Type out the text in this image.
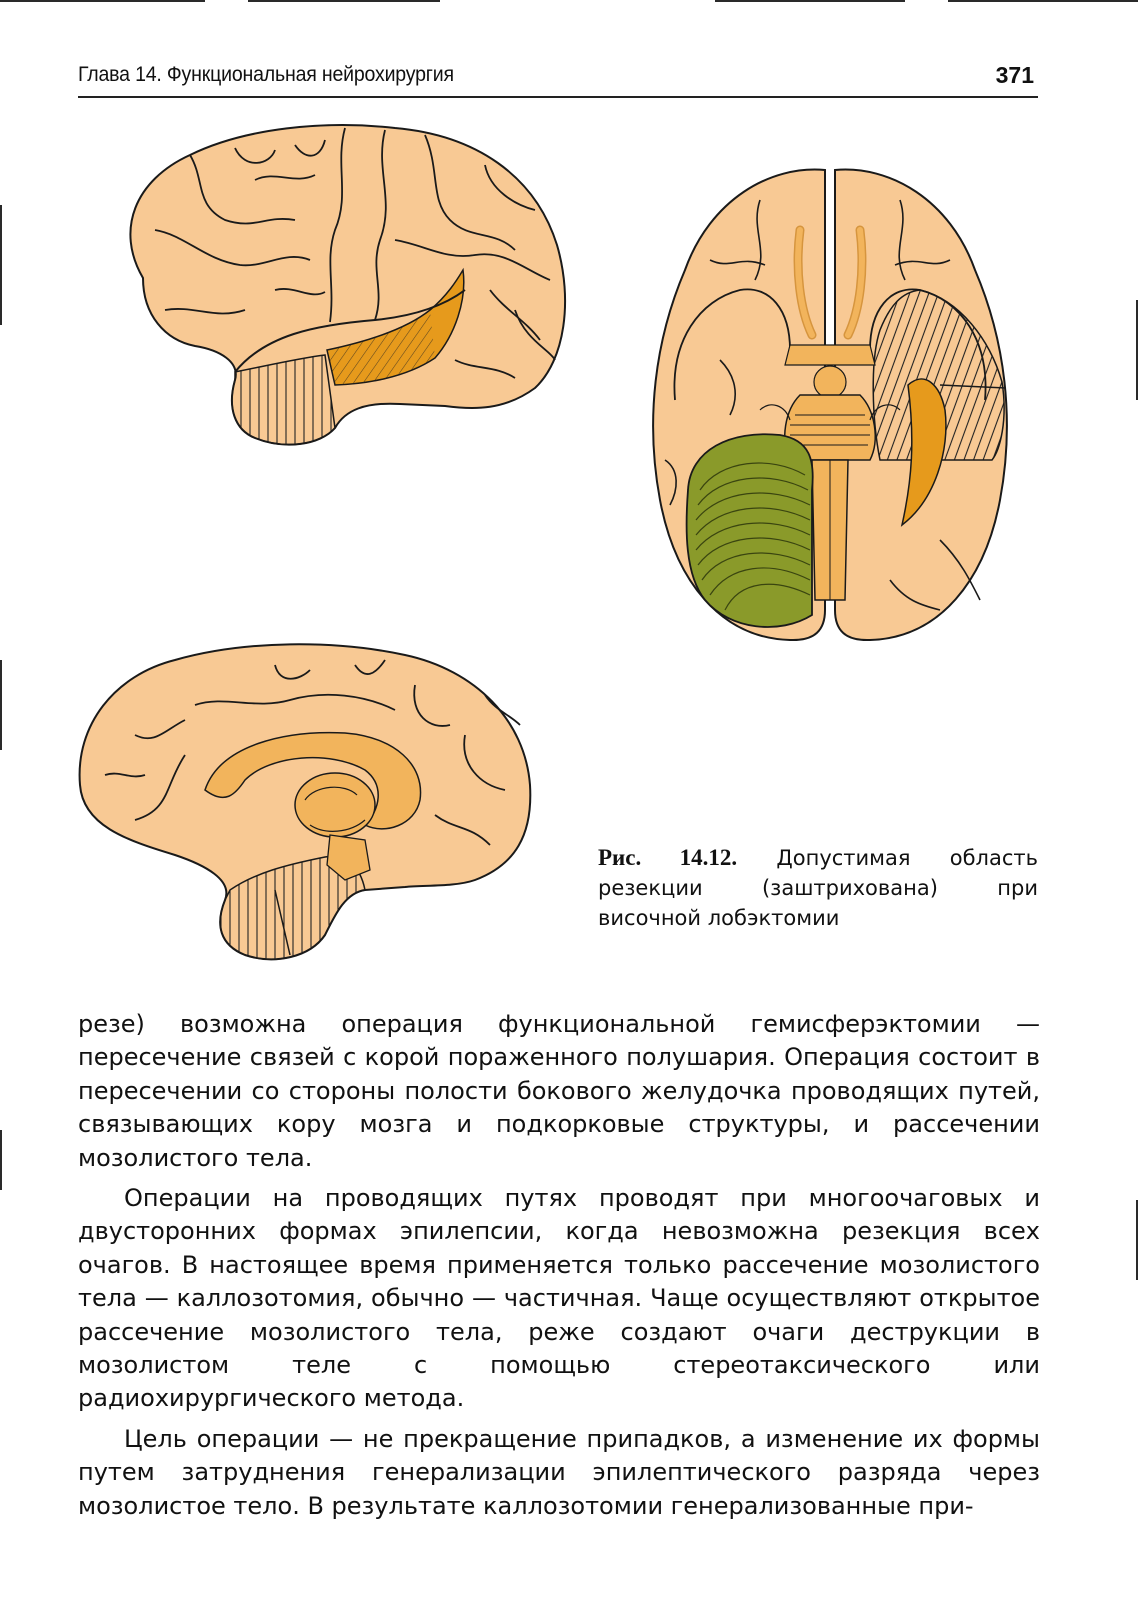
Глава 14. Функциональная нейрохирургия	371
Рис. 14.12. Допустимая область резекции (заштрихована) при височной лобэктомии

резе) возможна операция функциональной гемисферэктомии — пересечение связей с корой пораженного полушария. Операция состоит в пересечении со стороны полости бокового желудочка проводящих путей, связывающих кору мозга и подкорковые структуры, и рассечении мозолистого тела.

Операции на проводящих путях проводят при многоочаговых и двусторонних формах эпилепсии, когда невозможна резекция всех очагов. В настоящее время применяется только рассечение мозолистого тела — каллозотомия, обычно — частичная. Чаще осуществляют открытое рассечение мозолистого тела, реже создают очаги деструкции в мозолистом теле с помощью стереотаксического или радиохирургического метода.

Цель операции — не прекращение припадков, а изменение их формы путем затруднения генерализации эпилептического разряда через мозолистое тело. В результате каллозотомии генерализованные при-
